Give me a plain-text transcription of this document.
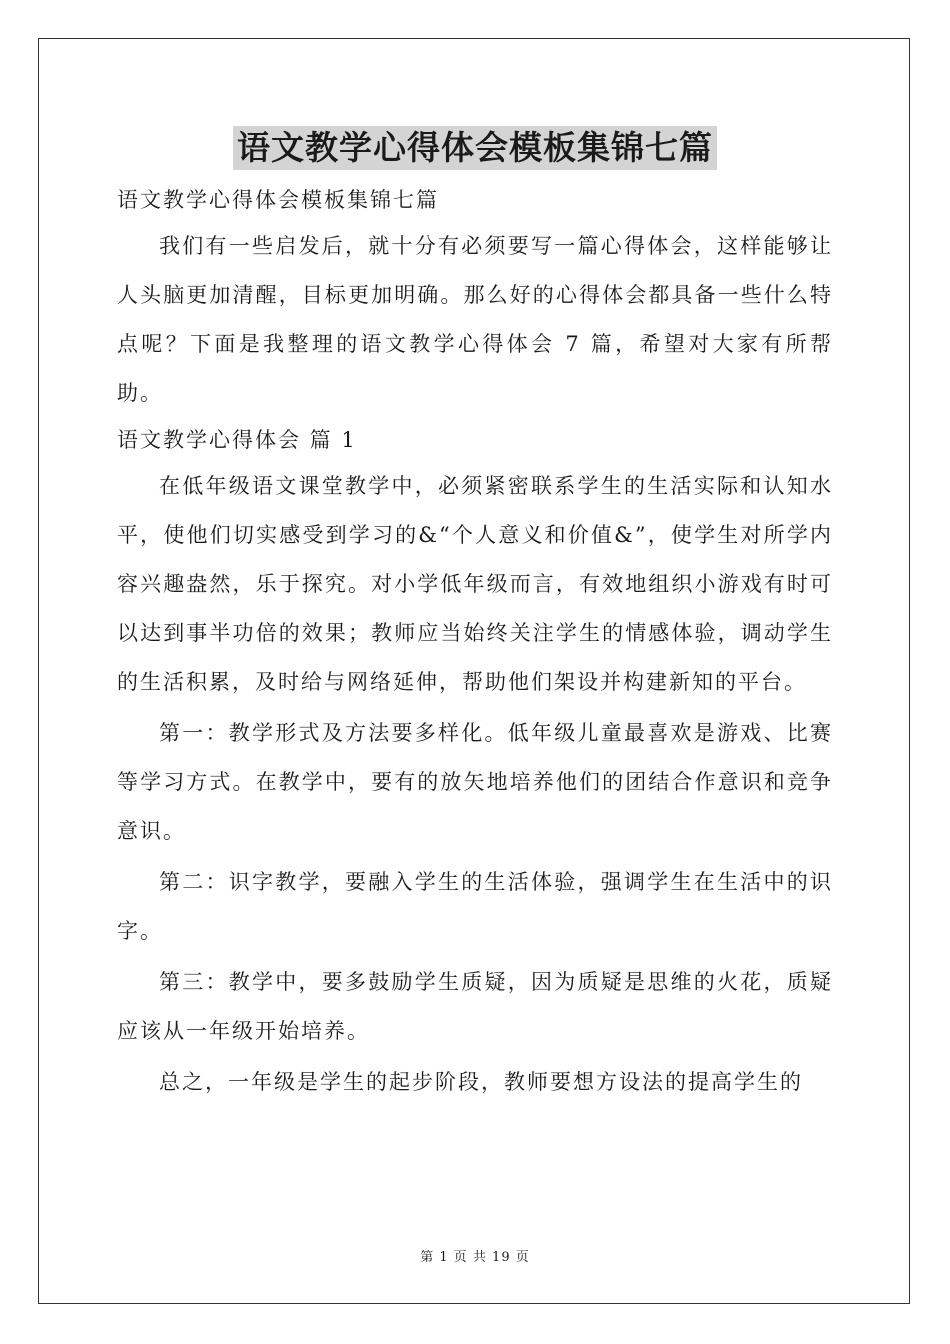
语文教学心得体会模板集锦七篇

语文教学心得体会模板集锦七篇

我们有一些启发后，就十分有必须要写一篇心得体会，这样能够让人头脑更加清醒，目标更加明确。那么好的心得体会都具备一些什么特点呢？下面是我整理的语文教学心得体会 7 篇，希望对大家有所帮助。

语文教学心得体会 篇 1

在低年级语文课堂教学中，必须紧密联系学生的生活实际和认知水平，使他们切实感受到学习的&“个人意义和价值&”，使学生对所学内容兴趣盎然，乐于探究。对小学低年级而言，有效地组织小游戏有时可以达到事半功倍的效果；教师应当始终关注学生的情感体验，调动学生的生活积累，及时给与网络延伸，帮助他们架设并构建新知的平台。

第一：教学形式及方法要多样化。低年级儿童最喜欢是游戏、比赛等学习方式。在教学中，要有的放矢地培养他们的团结合作意识和竞争意识。

第二：识字教学，要融入学生的生活体验，强调学生在生活中的识字。

第三：教学中，要多鼓励学生质疑，因为质疑是思维的火花，质疑应该从一年级开始培养。

总之，一年级是学生的起步阶段，教师要想方设法的提高学生的

第 1 页 共 19 页
